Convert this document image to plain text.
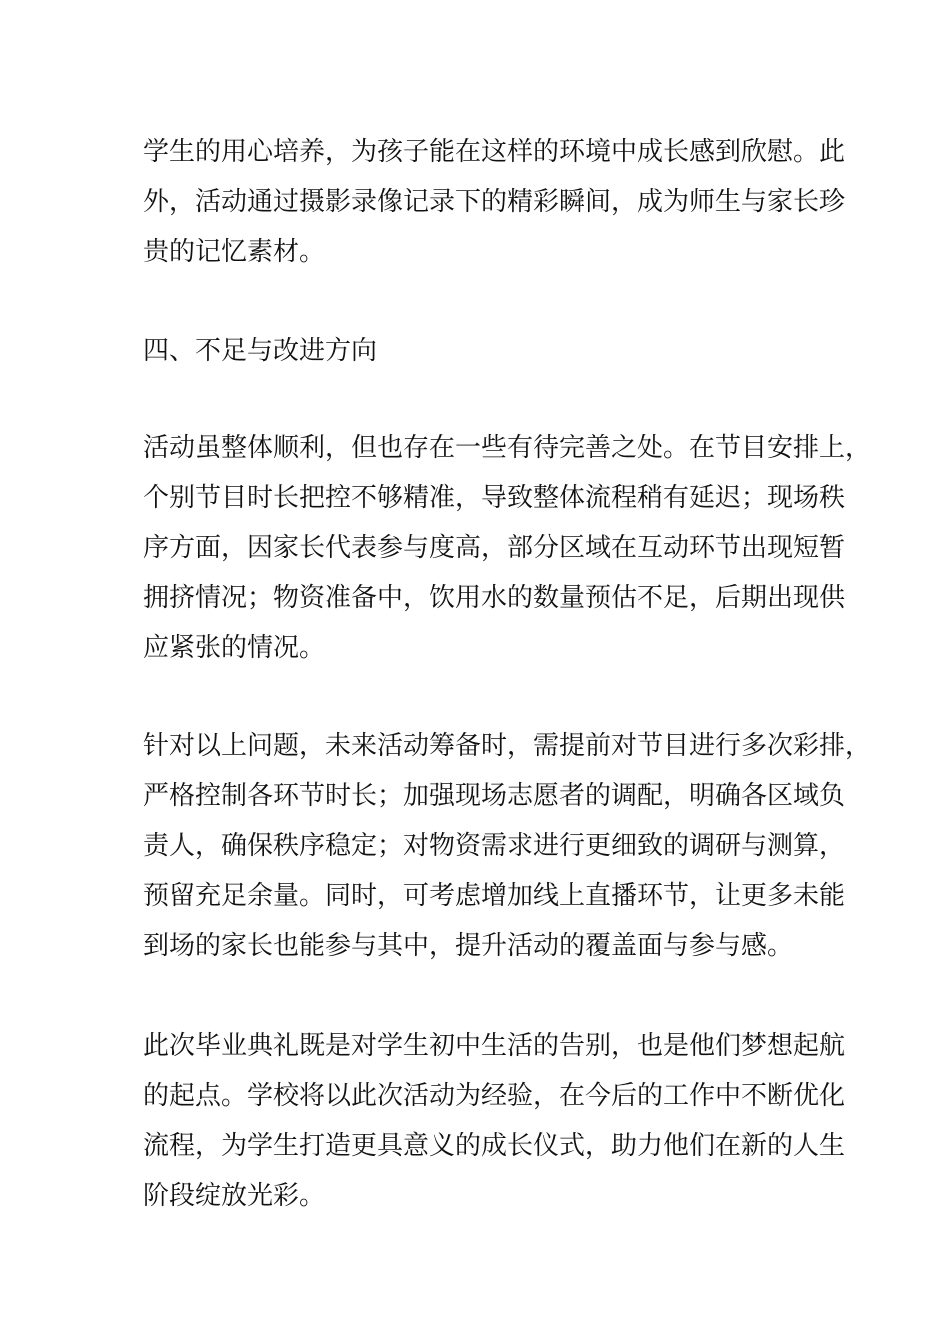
学生的用心培养，为孩子能在这样的环境中成长感到欣慰。此
外，活动通过摄影录像记录下的精彩瞬间，成为师生与家长珍
贵的记忆素材。

四、不足与改进方向

活动虽整体顺利，但也存在一些有待完善之处。在节目安排上，
个别节目时长把控不够精准，导致整体流程稍有延迟；现场秩
序方面，因家长代表参与度高，部分区域在互动环节出现短暂
拥挤情况；物资准备中，饮用水的数量预估不足，后期出现供
应紧张的情况。

针对以上问题，未来活动筹备时，需提前对节目进行多次彩排，
严格控制各环节时长；加强现场志愿者的调配，明确各区域负
责人，确保秩序稳定；对物资需求进行更细致的调研与测算，
预留充足余量。同时，可考虑增加线上直播环节，让更多未能
到场的家长也能参与其中，提升活动的覆盖面与参与感。

此次毕业典礼既是对学生初中生活的告别，也是他们梦想起航
的起点。学校将以此次活动为经验，在今后的工作中不断优化
流程，为学生打造更具意义的成长仪式，助力他们在新的人生
阶段绽放光彩。
